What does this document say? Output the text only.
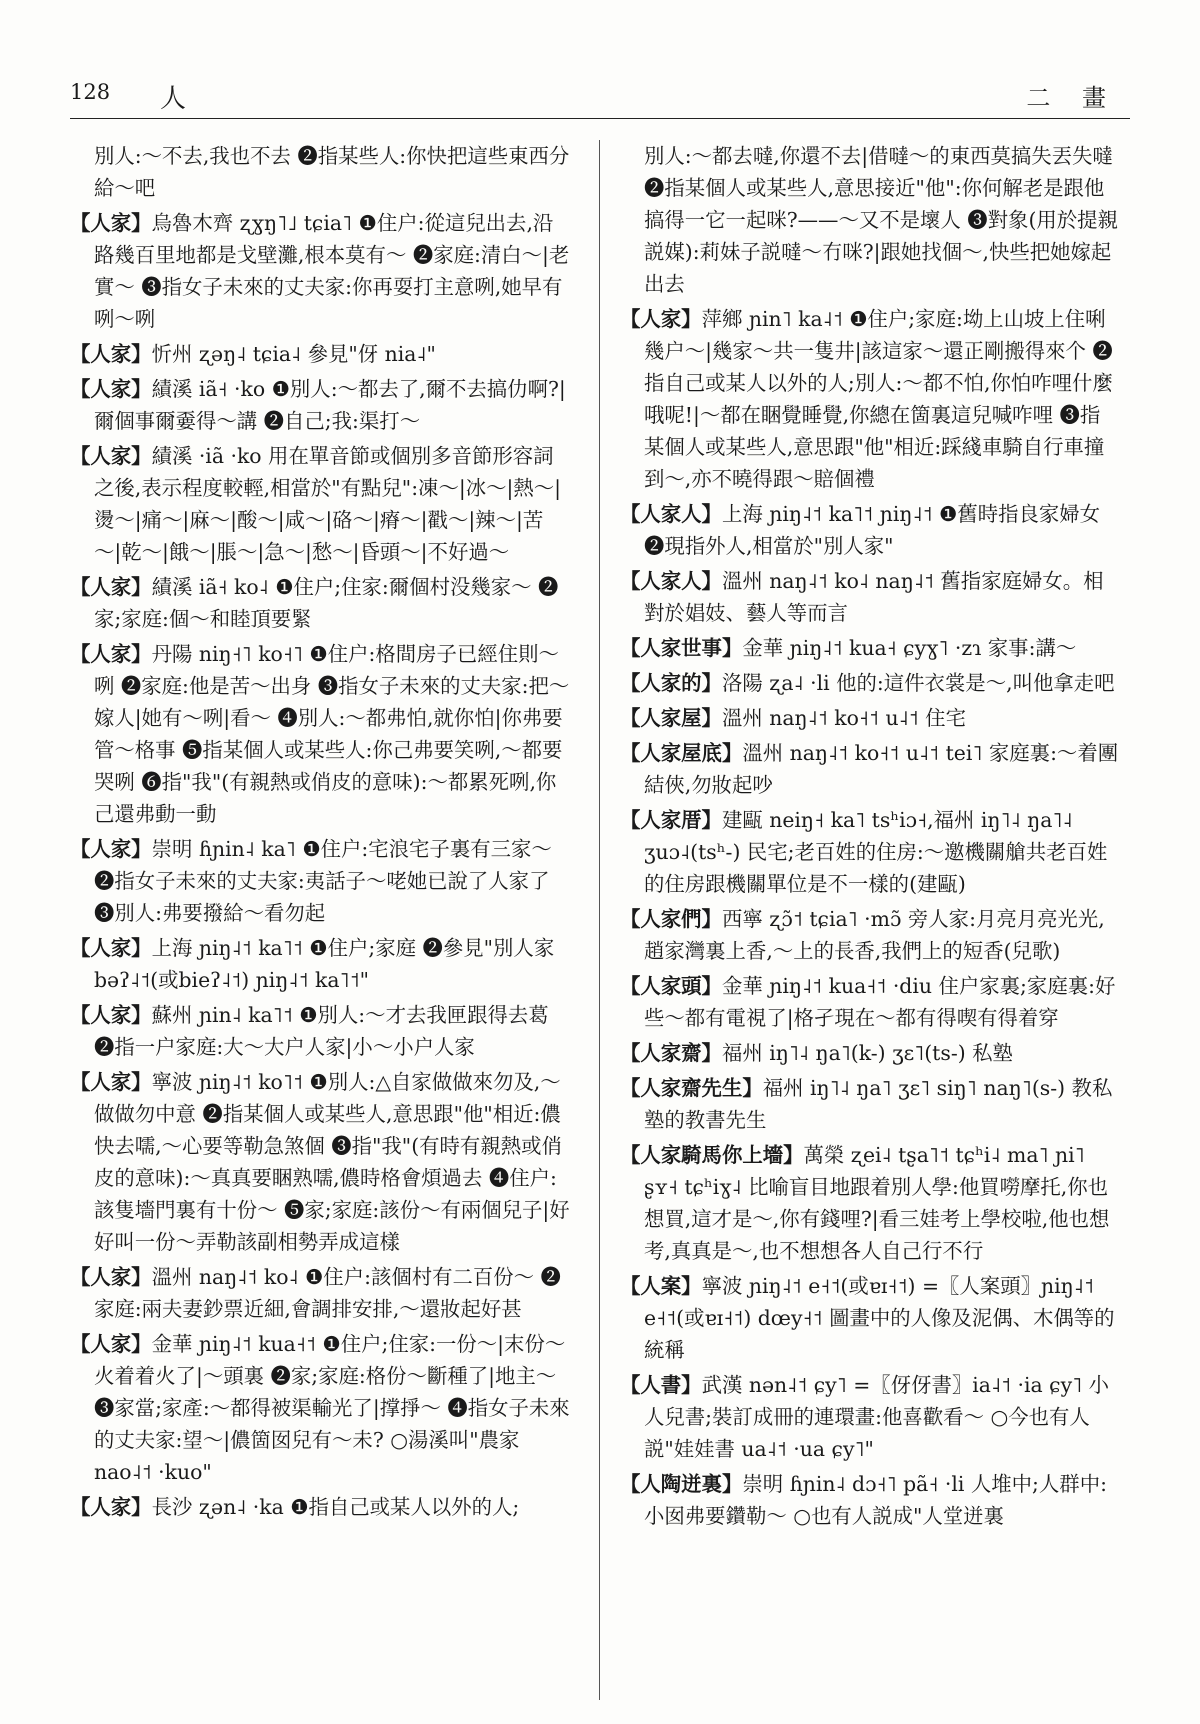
128 人	二 畫

別人:～不去,我也不去 ❷指某些人:你快把這些東西分給～吧

【人家】烏魯木齊 ʐɣŋ˥˩ tɕia˥ ❶住户:從這兒出去,沿路幾百里地都是戈壁灘,根本莫有～ ❷家庭:清白～|老實～ ❸指女子未來的丈夫家:你再耍打主意咧,她早有咧～咧

【人家】忻州 ʐəŋ˨ tɕia˨ 參見"伢 nia˨"

【人家】績溪 iã˧ ·ko ❶別人:～都去了,爾不去搞仂啊?|爾個事爾嫑得～講 ❷自己;我:渠打～

【人家】績溪 ·iã ·ko 用在單音節或個別多音節形容詞之後,表示程度較輕,相當於"有點兒":凍～|冰～|熱～|燙～|痛～|麻～|酸～|咸～|硌～|瘠～|戳～|辣～|苦～|乾～|餓～|脹～|急～|愁～|昏頭～|不好過～

【人家】績溪 iã˧ ko˨ ❶住户;住家:爾個村没幾家～ ❷家;家庭:個～和睦頂要緊

【人家】丹陽 niŋ˧˥ ko˧˥ ❶住户:格間房子已經住則～咧 ❷家庭:他是苦～出身 ❸指女子未來的丈夫家:把～嫁人|她有～咧|看～ ❹別人:～都弗怕,就你怕|你弗要管～格事 ❺指某個人或某些人:你己弗要笑咧,～都要哭咧 ❻指"我"(有親熱或俏皮的意味):～都累死咧,你己還弗動一動

【人家】崇明 ɦɲin˨ ka˥ ❶住户:宅浪宅子裏有三家～ ❷指女子未來的丈夫家:夷話子～咾她已說了人家了 ❸別人:弗要撥給～看勿起

【人家】上海 ɲiŋ˨˦ ka˥˦ ❶住户;家庭 ❷參見"別人家 bəʔ˨˦(或bieʔ˨˦) ɲiŋ˨˦ ka˥˦"

【人家】蘇州 ɲin˨ ka˥˦ ❶別人:～才去我匣跟得去葛 ❷指一户家庭:大～大户人家|小～小户人家

【人家】寧波 ɲiŋ˨˦ ko˥˦ ❶別人:△自家做做來勿及,～做做勿中意 ❷指某個人或某些人,意思跟"他"相近:儂快去嚅,～心要等勒急煞個 ❸指"我"(有時有親熱或俏皮的意味):～真真要睏熟嚅,儂時格會煩過去 ❹住户:該隻墻門裏有十份～ ❺家;家庭:該份～有兩個兒子|好好叫一份～弄勒該副相勢弄成這樣

【人家】溫州 naŋ˨˦ ko˨ ❶住户:該個村有二百份～ ❷家庭:兩夫妻鈔票近細,會調排安排,～還妝起好甚

【人家】金華 ɲiŋ˨˦ kua˧˦ ❶住户;住家:一份～|末份～火着着火了|～頭裏 ❷家;家庭:格份～斷種了|地主～ ❸家當;家產:～都得被渠輸光了|撑掙～ ❹指女子未來的丈夫家:望～|儂箇囡兒有～未? ○湯溪叫"農家 nao˨˦ ·kuo"

【人家】長沙 ʐən˨ ·ka ❶指自己或某人以外的人;

別人:～都去噠,你還不去|借噠～的東西莫搞失丟失噠 ❷指某個人或某些人,意思接近"他":你何解老是跟他搞得一它一起咪?——～又不是壞人 ❸對象(用於提親説媒):莉妹子説噠～冇咪?|跟她找個～,快些把她嫁起出去

【人家】萍鄉 ɲin˥ ka˨˦ ❶住户;家庭:坳上山坡上住唎幾户～|幾家～共一隻井|該這家～還正剛搬得來个 ❷指自己或某人以外的人;別人:～都不怕,你怕咋哩什麼哦呢!|～都在睏覺睡覺,你總在箇裏這兒喊咋哩 ❸指某個人或某些人,意思跟"他"相近:踩綫車騎自行車撞到～,亦不曉得跟～賠個禮

【人家人】上海 ɲiŋ˨˦ ka˥˦ ɲiŋ˨˦ ❶舊時指良家婦女 ❷現指外人,相當於"別人家"

【人家人】溫州 naŋ˨˦ ko˨ naŋ˨˦ 舊指家庭婦女。相對於娼妓、藝人等而言

【人家世事】金華 ɲiŋ˨˦ kua˧ ɕyɣ˥ ·zɿ 家事:講～

【人家的】洛陽 ʐa˨ ·li 他的:這件衣裳是～,叫他拿走吧

【人家屋】溫州 naŋ˨˦ ko˧˦ u˨˦ 住宅

【人家屋底】溫州 naŋ˨˦ ko˧˦ u˨˦ tei˥ 家庭裏:～着團結俠,勿妝起吵

【人家厝】建甌 neiŋ˧ ka˥ tsʰiɔ˧,福州 iŋ˥˨ ŋa˥˨ ʒuɔ˨(tsʰ-) 民宅;老百姓的住房:～邀機關艙共老百姓的住房跟機關單位是不一樣的(建甌)

【人家們】西寧 ʐɔ̃˦ tɕia˥ ·mɔ̃ 旁人家:月亮月亮光光,趙家灣裏上香,～上的長香,我們上的短香(兒歌)

【人家頭】金華 ɲiŋ˨˦ kua˧˦ ·diu 住户家裏;家庭裏:好些～都有電視了|格孑現在～都有得喫有得着穿

【人家齋】福州 iŋ˥˨ ŋa˥(k-) ʒɛ˥(ts-) 私塾

【人家齋先生】福州 iŋ˥˨ ŋa˥ ʒɛ˥ siŋ˥ naŋ˥(s-) 教私塾的教書先生

【人家騎馬你上墻】萬榮 ʐei˨ tʂa˥˦ tɕʰi˨ ma˥ ɲi˥ ʂʏ˧ tɕʰiɣ˨ 比喻盲目地跟着別人學:他買嘮摩托,你也想買,這才是～,你有錢哩?|看三娃考上學校啦,他也想考,真真是～,也不想想各人自己行不行

【人案】寧波 ɲiŋ˨˦ e˧˦(或ɐɪ˧˦) =〖人案頭〗ɲiŋ˨˦ e˧˦(或ɐɪ˧˦) dœy˧˦ 圖畫中的人像及泥偶、木偶等的統稱

【人書】武漢 nən˨˦ ɕy˥ =〖伢伢書〗ia˨˦ ·ia ɕy˥ 小人兒書;裝訂成冊的連環畫:他喜歡看～ ○今也有人説"娃娃書 ua˨˦ ·ua ɕy˥"

【人陶迸裏】崇明 ɦɲin˨ dɔ˧˥ pã˧ ·li 人堆中;人群中:小囡弗要鑽勒～ ○也有人説成"人堂迸裏
